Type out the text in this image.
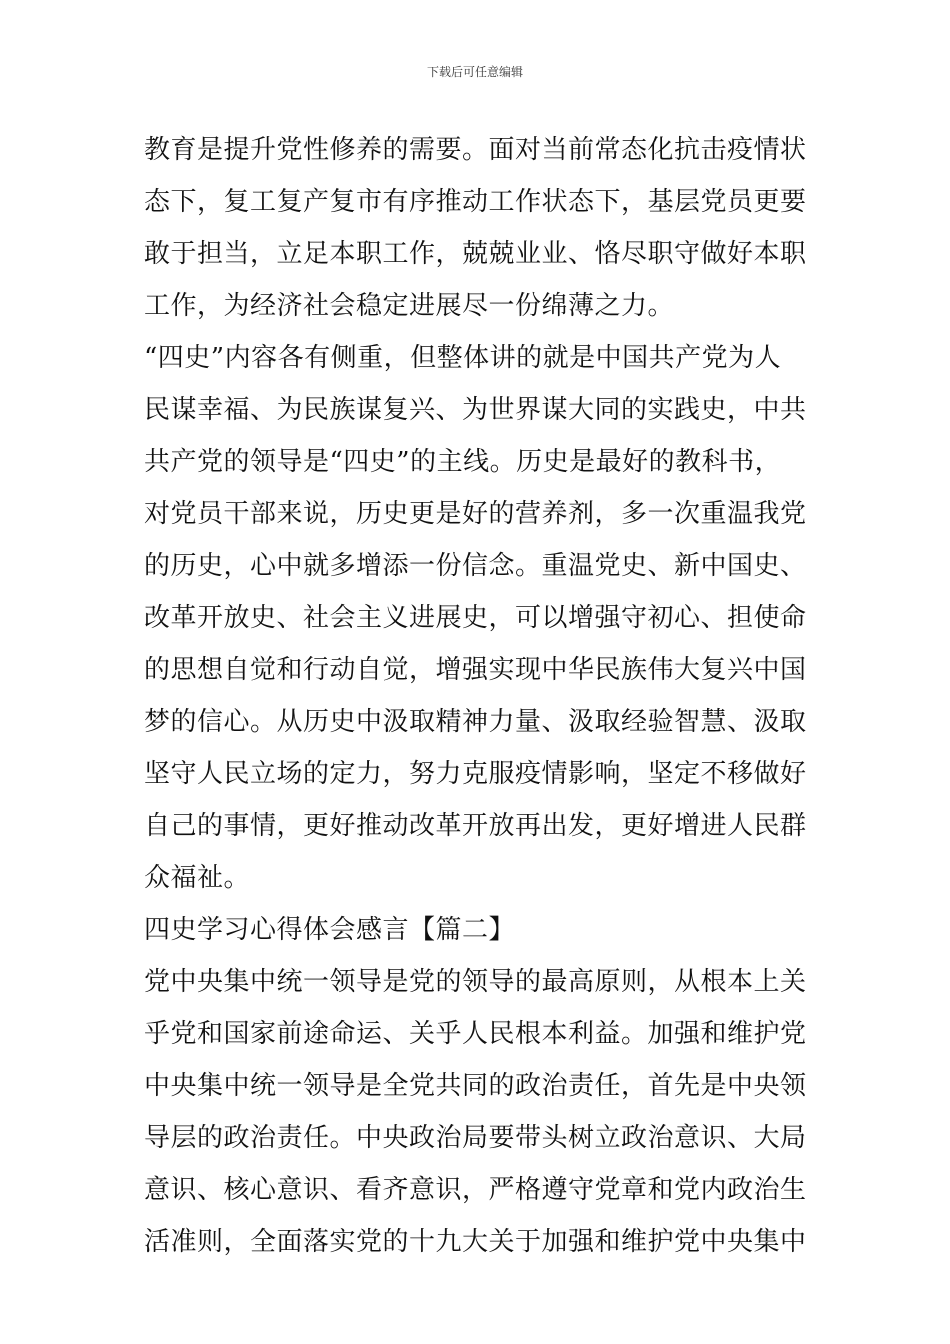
下载后可任意编辑
教育是提升党性修养的需要。面对当前常态化抗击疫情状
态下，复工复产复市有序推动工作状态下，基层党员更要
敢于担当，立足本职工作，兢兢业业、恪尽职守做好本职
工作，为经济社会稳定进展尽一份绵薄之力。
“四史”内容各有侧重，但整体讲的就是中国共产党为人
民谋幸福、为民族谋复兴、为世界谋大同的实践史，中共
共产党的领导是“四史”的主线。历史是最好的教科书，
对党员干部来说，历史更是好的营养剂，多一次重温我党
的历史，心中就多增添一份信念。重温党史、新中国史、
改革开放史、社会主义进展史，可以增强守初心、担使命
的思想自觉和行动自觉，增强实现中华民族伟大复兴中国
梦的信心。从历史中汲取精神力量、汲取经验智慧、汲取
坚守人民立场的定力，努力克服疫情影响，坚定不移做好
自己的事情，更好推动改革开放再出发，更好增进人民群
众福祉。
四史学习心得体会感言【篇二】
党中央集中统一领导是党的领导的最高原则，从根本上关
乎党和国家前途命运、关乎人民根本利益。加强和维护党
中央集中统一领导是全党共同的政治责任，首先是中央领
导层的政治责任。中央政治局要带头树立政治意识、大局
意识、核心意识、看齐意识，严格遵守党章和党内政治生
活准则，全面落实党的十九大关于加强和维护党中央集中
